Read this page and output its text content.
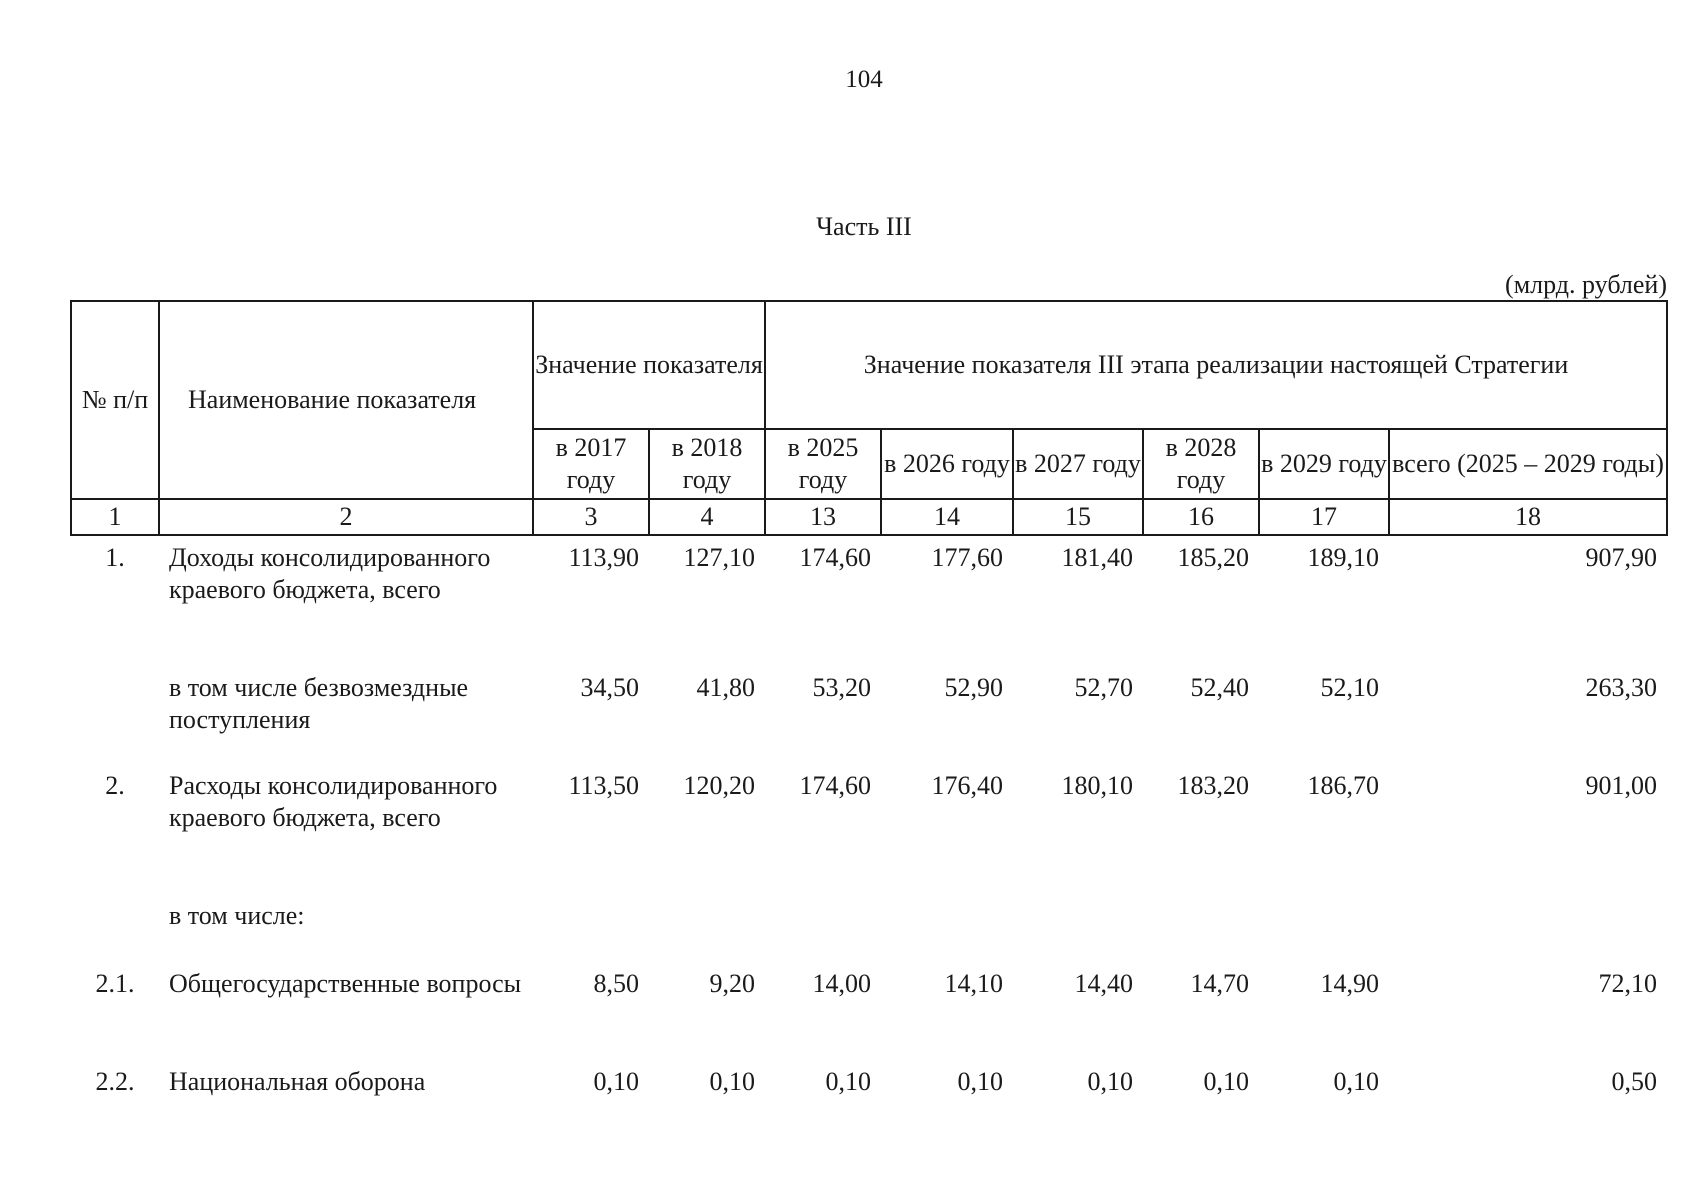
104
Часть III
(млрд. рублей)
№ п/п	Наименование показателя	Значение показателя		Значение показателя III этапа реализации настоящей Стратегии					
		в 2017 году	в 2018 году	в 2025 году	в 2026 году	в 2027 году	в 2028 году	в 2029 году	всего (2025 – 2029 годы)
1	2	3	4	13	14	15	16	17	18
1.	Доходы консолидированного краевого бюджета, всего	113,90	127,10	174,60	177,60	181,40	185,20	189,10	907,90
	в том числе безвозмездные поступления	34,50	41,80	53,20	52,90	52,70	52,40	52,10	263,30
2.	Расходы консолидированного краевого бюджета, всего	113,50	120,20	174,60	176,40	180,10	183,20	186,70	901,00
	в том числе:								
2.1.	Общегосударственные вопросы	8,50	9,20	14,00	14,10	14,40	14,70	14,90	72,10
2.2.	Национальная оборона	0,10	0,10	0,10	0,10	0,10	0,10	0,10	0,50
